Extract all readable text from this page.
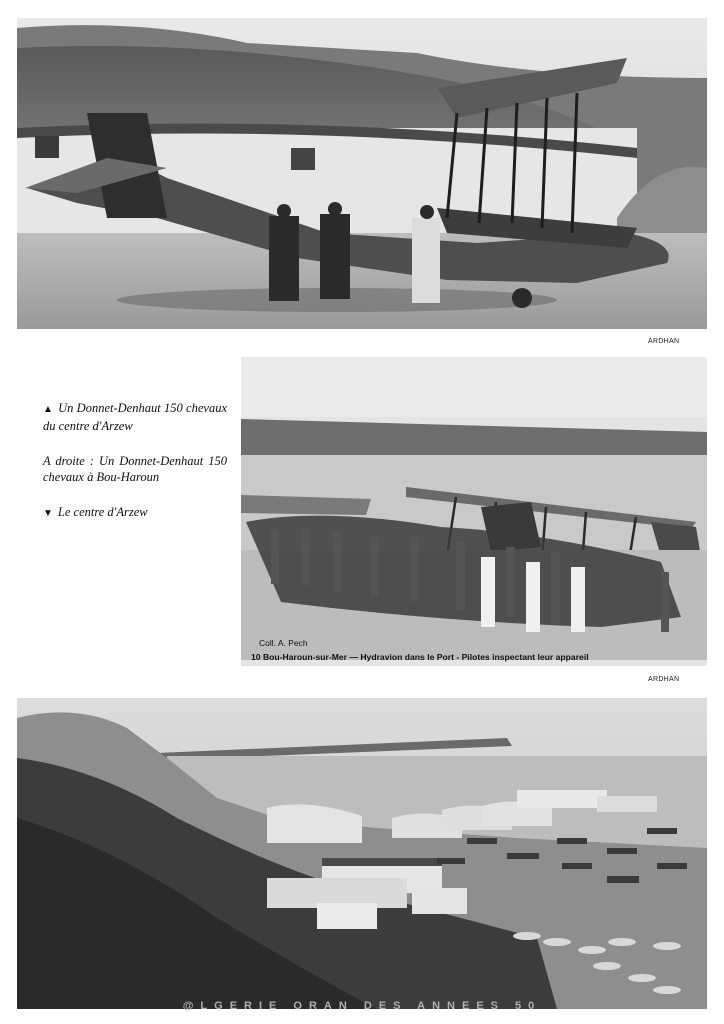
ARDHAN

▲ Un Donnet-Denhaut 150 chevaux du centre d'Arzew

A droite : Un Donnet-Denhaut 150 chevaux à Bou-Haroun

▼ Le centre d'Arzew

Coll. A. Pech
10 Bou-Haroun-sur-Mer — Hydravion dans le Port - Pilotes inspectant leur appareil
ARDHAN
@LGERIE ORAN DES ANNEES 50
